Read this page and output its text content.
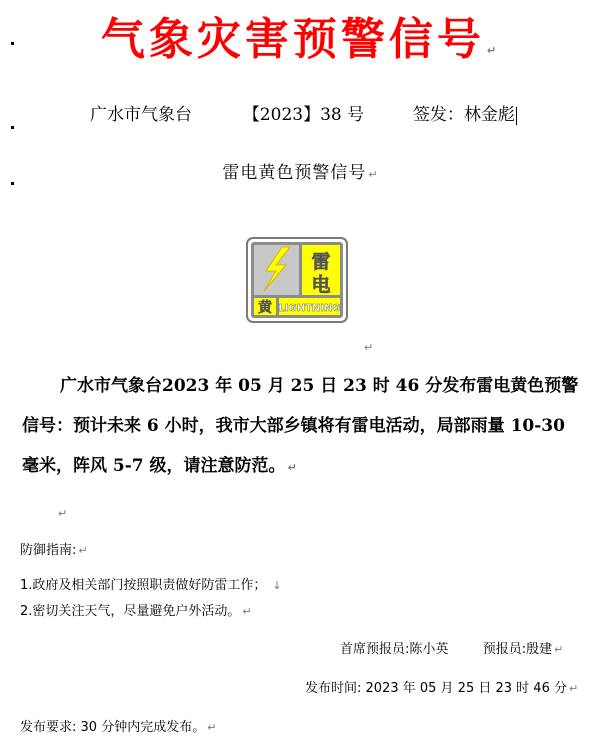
气象灾害预警信号 ↵
广水市气象台	【2023】38 号	签发：林金彪
雷电黄色预警信号 ↵
雷
电
黄 LIGHTNING
↵
广水市气象台2023 年 05 月 25 日 23 时 46 分发布雷电黄色预警信号：预计未来 6 小时，我市大部乡镇将有雷电活动，局部雨量 10-30 毫米，阵风 5-7 级，请注意防范。 ↵
↵
防御指南: ↵
1.政府及相关部门按照职责做好防雷工作； ↓
2.密切关注天气，尽量避免户外活动。 ↵
首席预报员:陈小英	预报员:殷建 ↵
发布时间: 2023 年 05 月 25 日 23 时 46 分 ↵
发布要求: 30 分钟内完成发布。 ↵
